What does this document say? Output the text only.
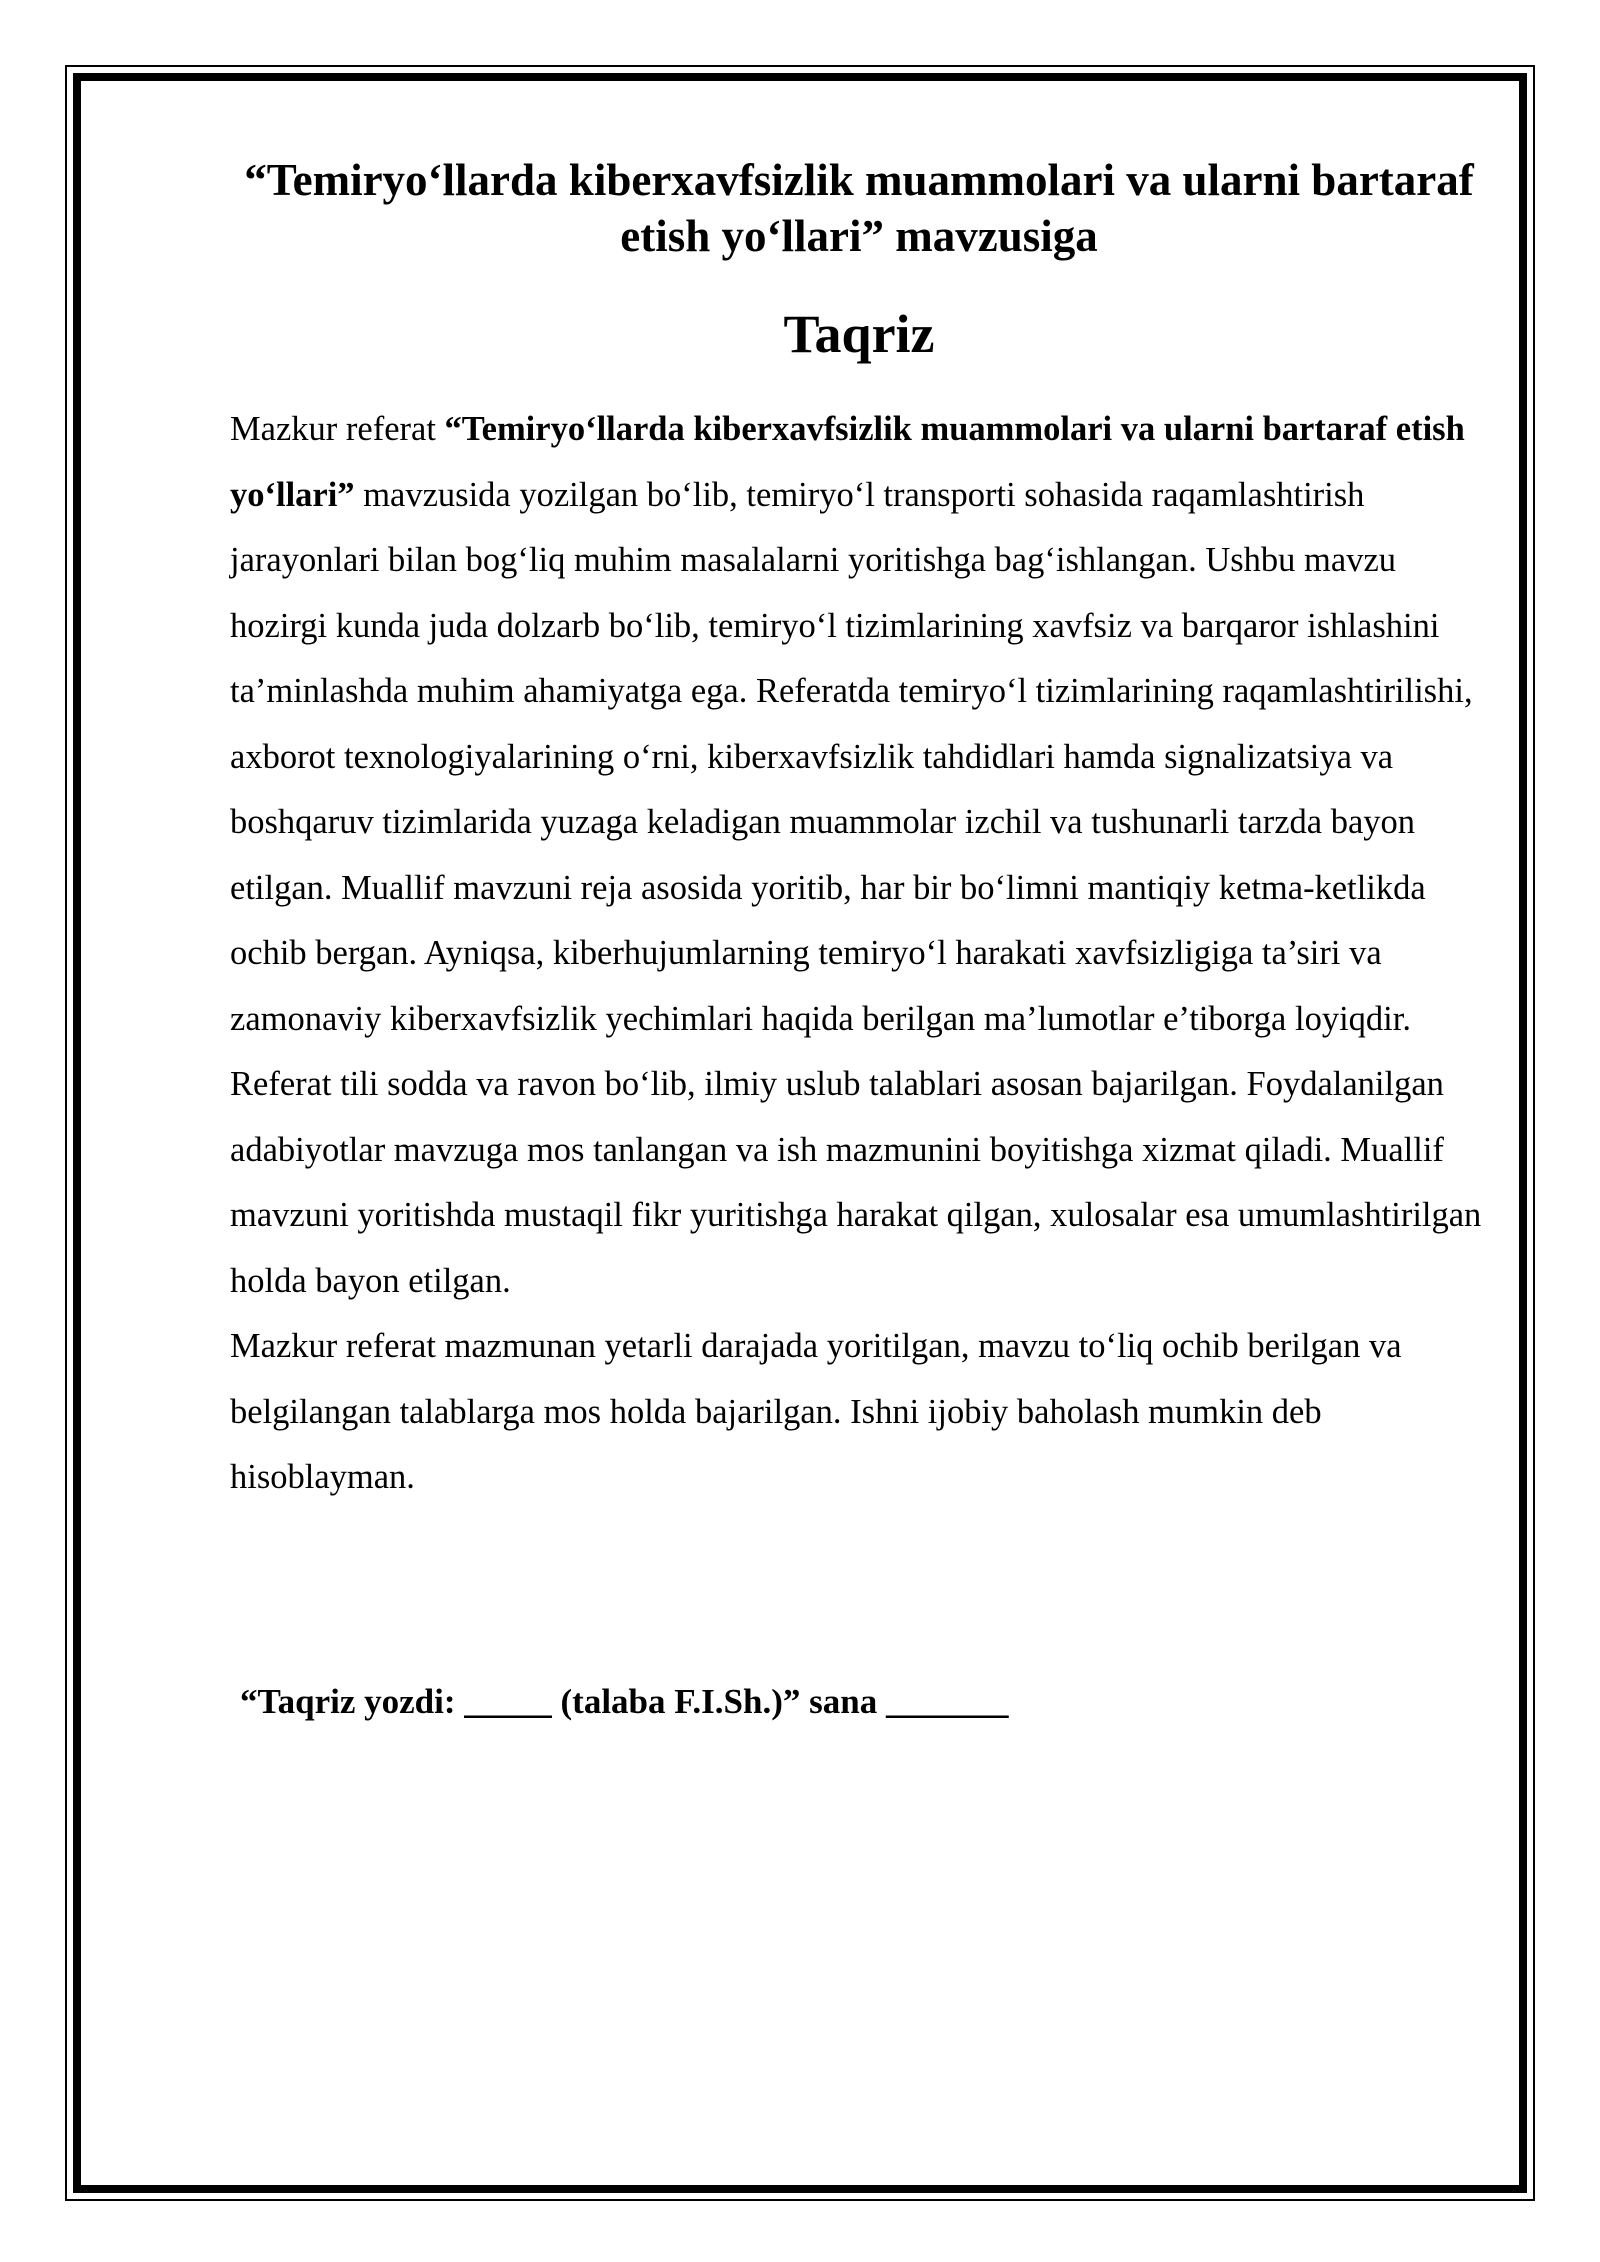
“Temiryo‘llarda kiberxavfsizlik muammolari va ularni bartaraf etish yo‘llari” mavzusiga
Taqriz

Mazkur referat “Temiryo‘llarda kiberxavfsizlik muammolari va ularni bartaraf etish yo‘llari” mavzusida yozilgan bo‘lib, temiryo‘l transporti sohasida raqamlashtirish jarayonlari bilan bog‘liq muhim masalalarni yoritishga bag‘ishlangan. Ushbu mavzu hozirgi kunda juda dolzarb bo‘lib, temiryo‘l tizimlarining xavfsiz va barqaror ishlashini ta’minlashda muhim ahamiyatga ega. Referatda temiryo‘l tizimlarining raqamlashtirilishi, axborot texnologiyalarining o‘rni, kiberxavfsizlik tahdidlari hamda signalizatsiya va boshqaruv tizimlarida yuzaga keladigan muammolar izchil va tushunarli tarzda bayon etilgan. Muallif mavzuni reja asosida yoritib, har bir bo‘limni mantiqiy ketma-ketlikda ochib bergan. Ayniqsa, kiberhujumlarning temiryo‘l harakati xavfsizligiga ta’siri va zamonaviy kiberxavfsizlik yechimlari haqida berilgan ma’lumotlar e’tiborga loyiqdir.

Referat tili sodda va ravon bo‘lib, ilmiy uslub talablari asosan bajarilgan. Foydalanilgan adabiyotlar mavzuga mos tanlangan va ish mazmunini boyitishga xizmat qiladi. Muallif mavzuni yoritishda mustaqil fikr yuritishga harakat qilgan, xulosalar esa umumlashtirilgan holda bayon etilgan.

Mazkur referat mazmunan yetarli darajada yoritilgan, mavzu to‘liq ochib berilgan va belgilangan talablarga mos holda bajarilgan. Ishni ijobiy baholash mumkin deb hisoblayman.

“Taqriz yozdi: _____ (talaba F.I.Sh.)” sana _______
